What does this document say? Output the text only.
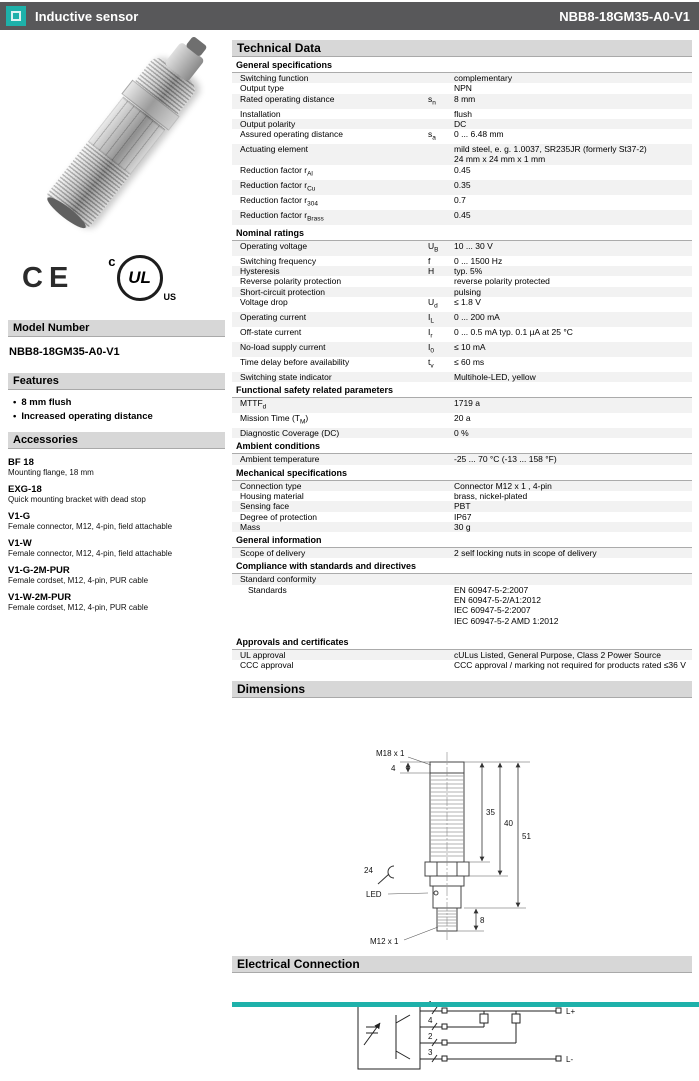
Inductive sensor	NBB8-18GM35-A0-V1
CE	c
UL
US
Model Number
NBB8-18GM35-A0-V1
Features
• 8 mm flush
• Increased operating distance
Accessories
BF 18
Mounting flange, 18 mm
EXG-18
Quick mounting bracket with dead stop
V1-G
Female connector, M12, 4-pin, field attachable
V1-W
Female connector, M12, 4-pin, field attachable
V1-G-2M-PUR
Female cordset, M12, 4-pin, PUR cable
V1-W-2M-PUR
Female cordset, M12, 4-pin, PUR cable
Technical Data
General specifications
Switching function	complementary
Output type	NPN
Rated operating distance	$s_n$	8 mm
Installation	flush
Output polarity	DC
Assured operating distance	$s_a$	0 ... 6.48 mm
Actuating element	mild steel, e. g. 1.0037, SR235JR (formerly St37-2)
24 mm x 24 mm x 1 mm
Reduction factor $r_{Al}$	0.45
Reduction factor $r_{Cu}$	0.35
Reduction factor $r_{304}$	0.7
Reduction factor $r_{Brass}$	0.45
Nominal ratings
Operating voltage	$U_B$	10 ... 30 V
Switching frequency	f	0 ... 1500 Hz
Hysteresis	H	typ. 5%
Reverse polarity protection	reverse polarity protected
Short-circuit protection	pulsing
Voltage drop	$U_d$	≤ 1.8 V
Operating current	$I_L$	0 ... 200 mA
Off-state current	$I_r$	0 ... 0.5 mA typ. 0.1 µA at 25 °C
No-load supply current	$I_0$	≤ 10 mA
Time delay before availability	$t_v$	≤ 60 ms
Switching state indicator	Multihole-LED, yellow
Functional safety related parameters
$MTTF_d$	1719 a
Mission Time $(T_M)$	20 a
Diagnostic Coverage (DC)	0 %
Ambient conditions
Ambient temperature	-25 ... 70 °C (-13 ... 158 °F)
Mechanical specifications
Connection type	Connector M12 x 1 , 4-pin
Housing material	brass, nickel-plated
Sensing face	PBT
Degree of protection	IP67
Mass	30 g
General information
Scope of delivery	2 self locking nuts in scope of delivery
Compliance with standards and directives
Standard conformity
Standards	EN 60947-5-2:2007
EN 60947-5-2/A1:2012
IEC 60947-5-2:2007
IEC 60947-5-2 AMD 1:2012
Approvals and certificates
UL approval	cULus Listed, General Purpose, Class 2 Power Source
CCC approval	CCC approval / marking not required for products rated ≤36 V
Dimensions
M18 x 1
4
35
40
51
24
LED
8
M12 x 1
Electrical Connection
4
2
3
L+
L-
